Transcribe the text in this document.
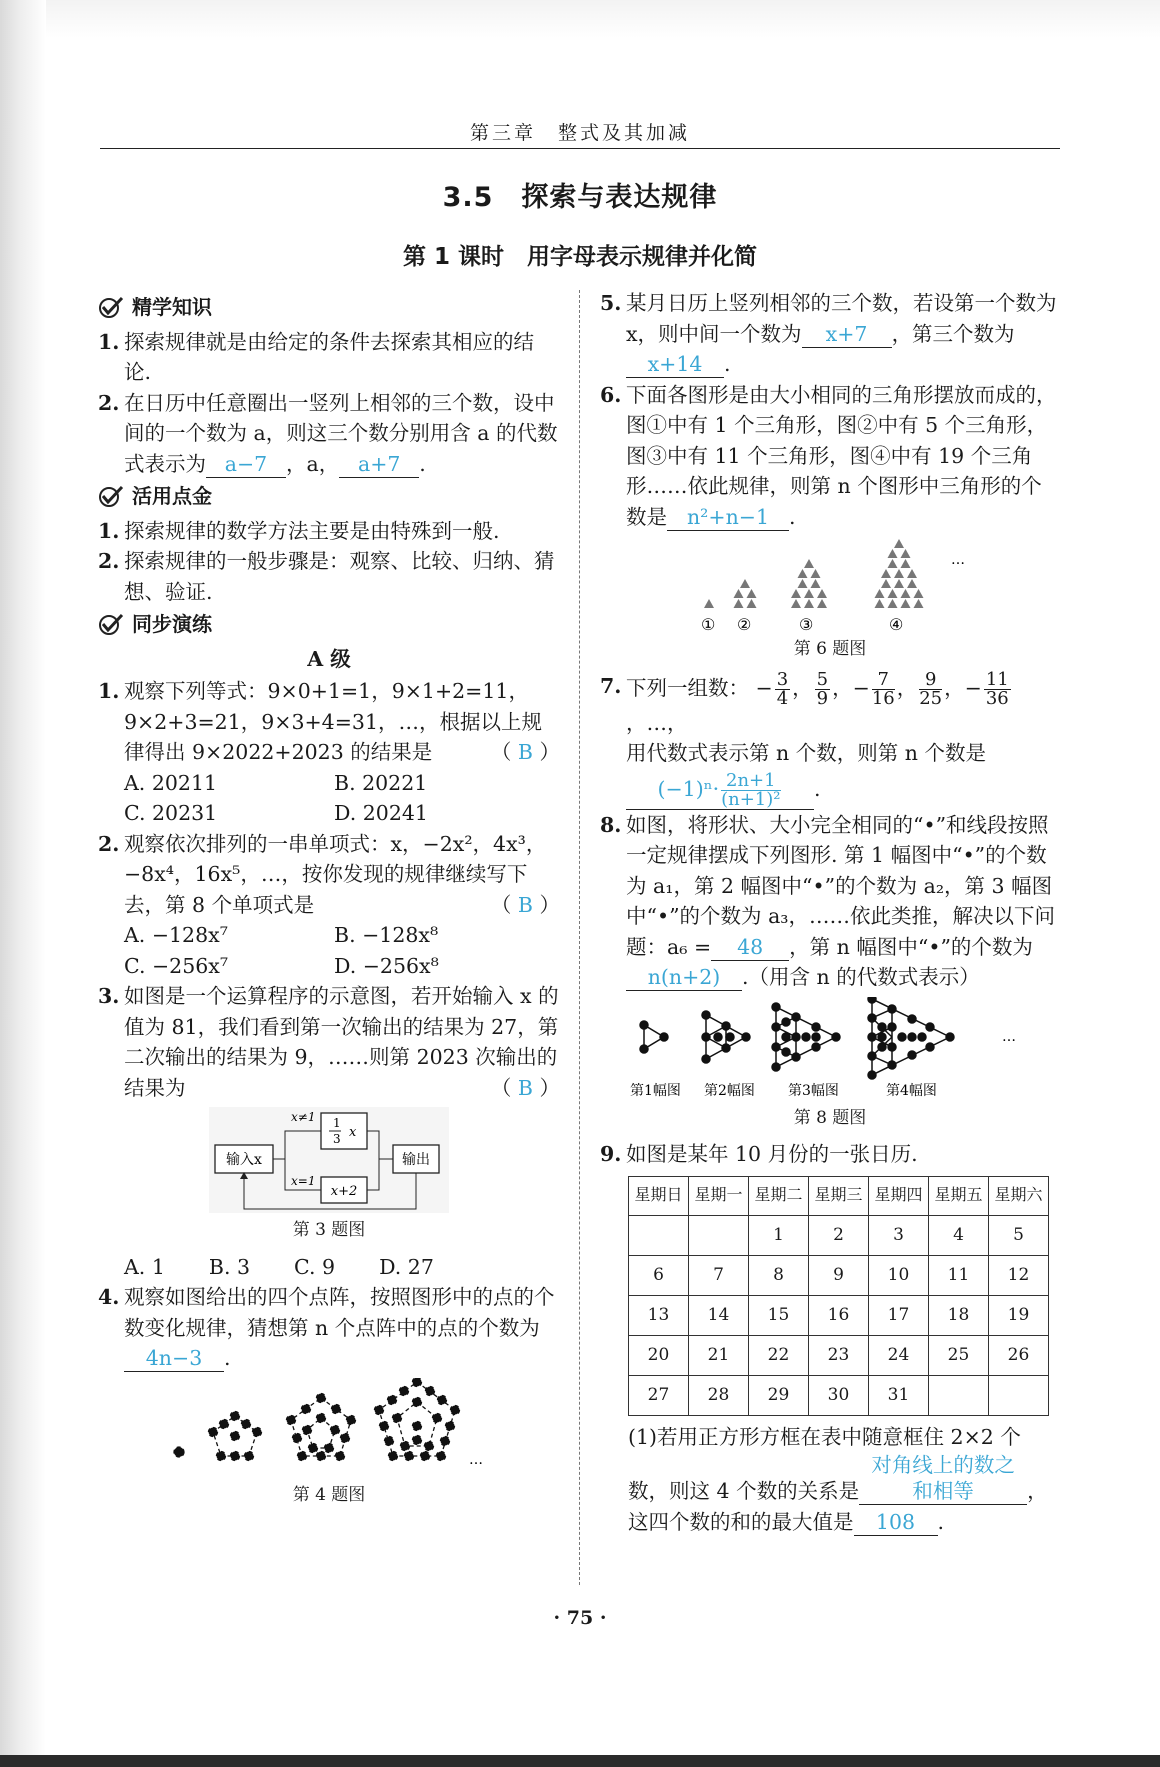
第三章　整式及其加减
3.5　探索与表达规律
第 1 课时　用字母表示规律并化简
精学知识
1. 探索规律就是由给定的条件去探索其相应的结论.
2. 在日历中任意圈出一竖列上相邻的三个数，设中间的一个数为 a，则这三个数分别用含 a 的代数式表示为 a−7 ，a， a+7 .
活用点金
1. 探索规律的数学方法主要是由特殊到一般.
2. 探索规律的一般步骤是：观察、比较、归纳、猜想、验证.
同步演练
A 级
1. 观察下列等式：9×0+1=1，9×1+2=11，9×2+3=21，9×3+4=31，…，根据以上规律得出 9×2022+2023 的结果是	（ B ）
A. 20211	B. 20221
C. 20231	D. 20241
2. 观察依次排列的一串单项式：x，−2x²，4x³，−8x⁴，16x⁵，…，按你发现的规律继续写下去，第 8 个单项式是	（ B ）
A. −128x⁷	B. −128x⁸
C. −256x⁷	D. −256x⁸
3. 如图是一个运算程序的示意图，若开始输入 x 的值为 81，我们看到第一次输出的结果为 27，第二次输出的结果为 9，……则第 2023 次输出的结果为	（ B ）
输入x	输出
1
3 x
x+2
x≠1
x=1
第 3 题图
A. 1 B. 3 C. 9 D. 27
4. 观察如图给出的四个点阵，按照图形中的点的个数变化规律，猜想第 n 个点阵中的点的个数为4n−3 .
…
第 4 题图
5. 某月日历上竖列相邻的三个数，若设第一个数为 x，则中间一个数为 x+7 ，第三个数为x+14 .
6. 下面各图形是由大小相同的三角形摆放而成的，图①中有 1 个三角形，图②中有 5 个三角形，图③中有 11 个三角形，图④中有 19 个三角形……依此规律，则第 n 个图形中三角形的个数是 n²+n−1 .
① ②	③	④
…
第 6 题图
7. 下列一组数： − $\frac{3}{4}$ ， $\frac{5}{9}$ ，− $\frac{7}{16}$ ， $\frac{9}{25}$ ，− $\frac{11}{36}$
，…，
用代数式表示第 n 个数，则第 n 个数是
$(-1)^n\cdot \frac{2n+1}{\text{(n+1)²}}$ .
8. 如图，将形状、大小完全相同的“•”和线段按照一定规律摆成下列图形. 第 1 幅图中“•”的个数为 a₁，第 2 幅图中“•”的个数为 a₂，第 3 幅图中“•”的个数为 a₃，……依此类推，解决以下问题：a₆ = 48 ，第 n 幅图中“•”的个数为n(n+2) .（用含 n 的代数式表示）
第1幅图 第2幅图 第3幅图	第4幅图
…
第 8 题图
9. 如图是某年 10 月份的一张日历.
星期日	星期一	星期二	星期三	星期四	星期五	星期六
		1	2	3	4	5
6	7	8	9	10	11	12
13	14	15	16	17	18	19
20	21	22	23	24	25	26
27	28	29	30	31		
(1)若用正方形方框在表中随意框住 2×2 个数，则这 4 个数的关系是对角线上的数之和相等	，这四个数的和的最大值是 108 .
· 75 ·
